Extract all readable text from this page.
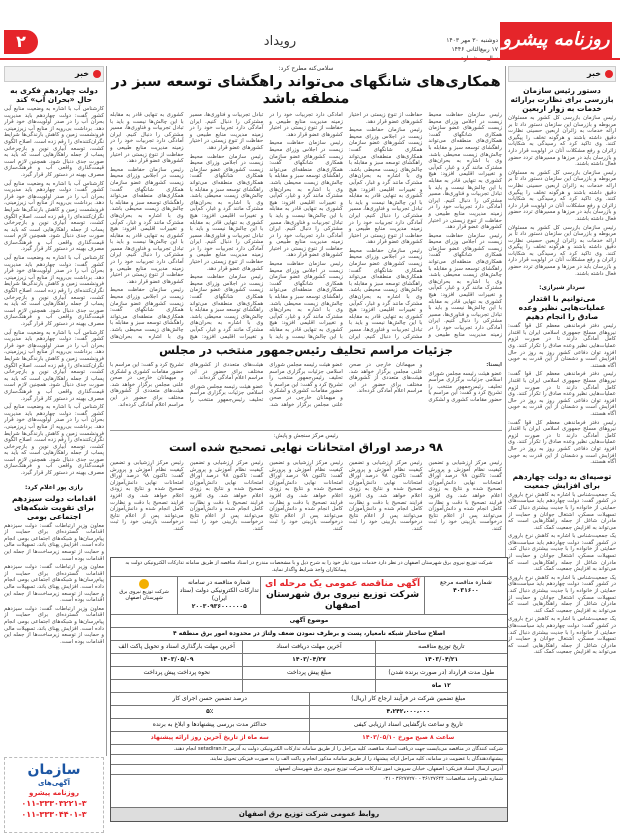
۲	رویداد	دوشنبه ۳۰ مهر ۱۴۰۳
۱۷ ربیع‌الثانی ۱۴۴۶ روزنامه پیشرو
خبر
دستور رئیس سازمان بازرسی برای نظارت برارائه خدمات به زوار اربعین

رئیس سازمان بازرسی کل کشور به مسئولان مربوطه و بازرسان این سازمان دستور داد تا بر ارائه خدمات به زائران اربعین حسینی نظارت دقیق داشته باشند و هرگونه تخلف را پیگیری کنند. وی تاکید کرد که رسیدگی به شکایات زائران و رفع مشکلات آنان در اولویت قرار دارد و بازرسان باید در مرزها و مسیرهای تردد حضور فعال داشته باشند.

رئیس سازمان بازرسی کل کشور به مسئولان مربوطه و بازرسان این سازمان دستور داد تا بر ارائه خدمات به زائران اربعین حسینی نظارت دقیق داشته باشند و هرگونه تخلف را پیگیری کنند. وی تاکید کرد که رسیدگی به شکایات زائران و رفع مشکلات آنان در اولویت قرار دارد و بازرسان باید در مرزها و مسیرهای تردد حضور فعال داشته باشند.

رئیس سازمان بازرسی کل کشور به مسئولان مربوطه و بازرسان این سازمان دستور داد تا بر ارائه خدمات به زائران اربعین حسینی نظارت دقیق داشته باشند و هرگونه تخلف را پیگیری کنند. وی تاکید کرد که رسیدگی به شکایات زائران و رفع مشکلات آنان در اولویت قرار دارد و بازرسان باید در مرزها و مسیرهای تردد حضور فعال داشته باشند.

سردار شیرازی:
می‌توانیم با اقتدار عملیات‌هایی نظیر وعده صادق را انجام دهیم

رئیس دفتر فرماندهی معظم کل قوا گفت: نیروهای مسلح جمهوری اسلامی ایران با اقتدار کامل آمادگی دارند تا در صورت لزوم عملیات‌هایی نظیر وعده صادق را تکرار کنند. وی افزود توان دفاعی کشور روز به روز در حال افزایش است و دشمنان از این قدرت به خوبی آگاه هستند.

رئیس دفتر فرماندهی معظم کل قوا گفت: نیروهای مسلح جمهوری اسلامی ایران با اقتدار کامل آمادگی دارند تا در صورت لزوم عملیات‌هایی نظیر وعده صادق را تکرار کنند. وی افزود توان دفاعی کشور روز به روز در حال افزایش است و دشمنان از این قدرت به خوبی آگاه هستند.

رئیس دفتر فرماندهی معظم کل قوا گفت: نیروهای مسلح جمهوری اسلامی ایران با اقتدار کامل آمادگی دارند تا در صورت لزوم عملیات‌هایی نظیر وعده صادق را تکرار کنند. وی افزود توان دفاعی کشور روز به روز در حال افزایش است و دشمنان از این قدرت به خوبی آگاه هستند.

توصیه‌ای به دولت چهاردهم برای افزایش جمعیت

یک جمعیت‌شناس با اشاره به کاهش نرخ باروری در کشور گفت: دولت چهاردهم باید سیاست‌های حمایتی از خانواده را با جدیت بیشتری دنبال کند. تسهیلات مسکن، اشتغال جوانان و حمایت از مادران شاغل از جمله راهکارهایی است که می‌تواند به افزایش جمعیت کمک کند.

یک جمعیت‌شناس با اشاره به کاهش نرخ باروری در کشور گفت: دولت چهاردهم باید سیاست‌های حمایتی از خانواده را با جدیت بیشتری دنبال کند. تسهیلات مسکن، اشتغال جوانان و حمایت از مادران شاغل از جمله راهکارهایی است که می‌تواند به افزایش جمعیت کمک کند.

یک جمعیت‌شناس با اشاره به کاهش نرخ باروری در کشور گفت: دولت چهاردهم باید سیاست‌های حمایتی از خانواده را با جدیت بیشتری دنبال کند. تسهیلات مسکن، اشتغال جوانان و حمایت از مادران شاغل از جمله راهکارهایی است که می‌تواند به افزایش جمعیت کمک کند.

یک جمعیت‌شناس با اشاره به کاهش نرخ باروری در کشور گفت: دولت چهاردهم باید سیاست‌های حمایتی از خانواده را با جدیت بیشتری دنبال کند. تسهیلات مسکن، اشتغال جوانان و حمایت از مادران شاغل از جمله راهکارهایی است که می‌تواند به افزایش جمعیت کمک کند.

سلامی‌کنه مطرح کرد:
همکاری‌های شانگهای می‌تواند راهگشای توسعه سبز در منطقه باشد

رئیس سازمان حفاظت محیط زیست در اجلاس وزرای محیط زیست کشورهای عضو سازمان همکاری شانگهای گفت: همکاری‌های منطقه‌ای می‌تواند راهگشای توسعه سبز و مقابله با چالش‌های زیست محیطی باشد. وی با اشاره به بحران‌های مشترک مانند گرد و غبار، کم‌آبی و تغییرات اقلیمی افزود: هیچ کشوری به تنهایی قادر به مقابله با این چالش‌ها نیست و باید با تبادل تجربیات و فناوری‌ها، مسیر مشترکی را دنبال کنیم. ایران آمادگی دارد تجربیات خود را در زمینه مدیریت منابع طبیعی و حفاظت از تنوع زیستی در اختیار کشورهای عضو قرار دهد.

رئیس سازمان حفاظت محیط زیست در اجلاس وزرای محیط زیست کشورهای عضو سازمان همکاری شانگهای گفت: همکاری‌های منطقه‌ای می‌تواند راهگشای توسعه سبز و مقابله با چالش‌های زیست محیطی باشد. وی با اشاره به بحران‌های مشترک مانند گرد و غبار، کم‌آبی و تغییرات اقلیمی افزود: هیچ کشوری به تنهایی قادر به مقابله با این چالش‌ها نیست و باید با تبادل تجربیات و فناوری‌ها، مسیر مشترکی را دنبال کنیم. ایران آمادگی دارد تجربیات خود را در زمینه مدیریت منابع طبیعی و حفاظت از تنوع زیستی در اختیار کشورهای عضو قرار دهد.

رئیس سازمان حفاظت محیط زیست در اجلاس وزرای محیط زیست کشورهای عضو سازمان همکاری شانگهای گفت: همکاری‌های منطقه‌ای می‌تواند راهگشای توسعه سبز و مقابله با چالش‌های زیست محیطی باشد. وی با اشاره به بحران‌های مشترک مانند گرد و غبار، کم‌آبی و تغییرات اقلیمی افزود: هیچ کشوری به تنهایی قادر به مقابله با این چالش‌ها نیست و باید با تبادل تجربیات و فناوری‌ها، مسیر مشترکی را دنبال کنیم. ایران آمادگی دارد تجربیات خود را در زمینه مدیریت منابع طبیعی و حفاظت از تنوع زیستی در اختیار کشورهای عضو قرار دهد.

رئیس سازمان حفاظت محیط زیست در اجلاس وزرای محیط زیست کشورهای عضو سازمان همکاری شانگهای گفت: همکاری‌های منطقه‌ای می‌تواند راهگشای توسعه سبز و مقابله با چالش‌های زیست محیطی باشد. وی با اشاره به بحران‌های مشترک مانند گرد و غبار، کم‌آبی و تغییرات اقلیمی افزود: هیچ کشوری به تنهایی قادر به مقابله با این چالش‌ها نیست و باید با تبادل تجربیات و فناوری‌ها، مسیر مشترکی را دنبال کنیم. ایران آمادگی دارد تجربیات خود را در زمینه مدیریت منابع طبیعی و حفاظت از تنوع زیستی در اختیار کشورهای عضو قرار دهد.

رئیس سازمان حفاظت محیط زیست در اجلاس وزرای محیط زیست کشورهای عضو سازمان همکاری شانگهای گفت: همکاری‌های منطقه‌ای می‌تواند راهگشای توسعه سبز و مقابله با چالش‌های زیست محیطی باشد. وی با اشاره به بحران‌های مشترک مانند گرد و غبار، کم‌آبی و تغییرات اقلیمی افزود: هیچ کشوری به تنهایی قادر به مقابله با این چالش‌ها نیست و باید با تبادل تجربیات و فناوری‌ها، مسیر مشترکی را دنبال کنیم. ایران آمادگی دارد تجربیات خود را در زمینه مدیریت منابع طبیعی و حفاظت از تنوع زیستی در اختیار کشورهای عضو قرار دهد.

رئیس سازمان حفاظت محیط زیست در اجلاس وزرای محیط زیست کشورهای عضو سازمان همکاری شانگهای گفت: همکاری‌های منطقه‌ای می‌تواند راهگشای توسعه سبز و مقابله با چالش‌های زیست محیطی باشد. وی با اشاره به بحران‌های مشترک مانند گرد و غبار، کم‌آبی و تغییرات اقلیمی افزود: هیچ کشوری به تنهایی قادر به مقابله با این چالش‌ها نیست و باید با تبادل تجربیات و فناوری‌ها، مسیر مشترکی را دنبال کنیم. ایران آمادگی دارد تجربیات خود را در زمینه مدیریت منابع طبیعی و حفاظت از تنوع زیستی در اختیار کشورهای عضو قرار دهد.

رئیس سازمان حفاظت محیط زیست در اجلاس وزرای محیط زیست کشورهای عضو سازمان همکاری شانگهای گفت: همکاری‌های منطقه‌ای می‌تواند راهگشای توسعه سبز و مقابله با چالش‌های زیست محیطی باشد. وی با اشاره به بحران‌های مشترک مانند گرد و غبار، کم‌آبی و تغییرات اقلیمی افزود: هیچ کشوری به تنهایی قادر به مقابله با این چالش‌ها نیست و باید با تبادل تجربیات و فناوری‌ها، مسیر مشترکی را دنبال کنیم. ایران آمادگی دارد تجربیات خود را در زمینه مدیریت منابع طبیعی و حفاظت از تنوع زیستی در اختیار کشورهای عضو قرار دهد.

رئیس سازمان حفاظت محیط زیست در اجلاس وزرای محیط زیست کشورهای عضو سازمان همکاری شانگهای گفت: همکاری‌های منطقه‌ای می‌تواند راهگشای توسعه سبز و مقابله با چالش‌های زیست محیطی باشد. وی با اشاره به بحران‌های مشترک مانند گرد و غبار، کم‌آبی و تغییرات اقلیمی افزود: هیچ کشوری به تنهایی قادر به مقابله با این چالش‌ها نیست و باید با تبادل تجربیات و فناوری‌ها، مسیر مشترکی را دنبال کنیم. ایران آمادگی دارد تجربیات خود را در زمینه مدیریت منابع طبیعی و حفاظت از تنوع زیستی در اختیار کشورهای عضو قرار دهد.

رئیس سازمان حفاظت محیط زیست در اجلاس وزرای محیط زیست کشورهای عضو سازمان همکاری شانگهای گفت: همکاری‌های منطقه‌ای می‌تواند راهگشای توسعه سبز و مقابله با چالش‌های زیست محیطی باشد. وی با اشاره به بحران‌های مشترک مانند گرد و غبار، کم‌آبی و تغییرات اقلیمی افزود: هیچ کشوری به تنهایی قادر به مقابله با این چالش‌ها نیست و باید با تبادل تجربیات و فناوری‌ها، مسیر مشترکی را دنبال کنیم. ایران آمادگی دارد تجربیات خود را در زمینه مدیریت منابع طبیعی و حفاظت از تنوع زیستی در اختیار کشورهای عضو قرار دهد.

رئیس سازمان حفاظت محیط زیست در اجلاس وزرای محیط زیست کشورهای عضو سازمان همکاری شانگهای گفت: همکاری‌های منطقه‌ای می‌تواند راهگشای توسعه سبز و مقابله با چالش‌های زیست محیطی باشد. وی با اشاره به بحران‌های

جزئیات مراسم تحلیف رئیس‌جمهور منتخب در مجلس

ایسنا:

عضو هیئت رئیسه مجلس شورای اسلامی جزئیات برگزاری مراسم تحلیف رئیس‌جمهور منتخب را تشریح کرد و گفت: این مراسم با حضور مقامات کشوری و لشکری و میهمانان خارجی در صحن علنی مجلس برگزار خواهد شد. هیئت‌های متعددی از کشورهای مختلف برای حضور در این مراسم اعلام آمادگی کرده‌اند.

عضو هیئت رئیسه مجلس شورای اسلامی جزئیات برگزاری مراسم تحلیف رئیس‌جمهور منتخب را تشریح کرد و گفت: این مراسم با حضور مقامات کشوری و لشکری و میهمانان خارجی در صحن علنی مجلس برگزار خواهد شد. هیئت‌های متعددی از کشورهای مختلف برای حضور در این مراسم اعلام آمادگی کرده‌اند.

عضو هیئت رئیسه مجلس شورای اسلامی جزئیات برگزاری مراسم تحلیف رئیس‌جمهور منتخب را تشریح کرد و گفت: این مراسم با حضور مقامات کشوری و لشکری و میهمانان خارجی در صحن علنی مجلس برگزار خواهد شد. هیئت‌های متعددی از کشورهای مختلف برای حضور در این مراسم اعلام آمادگی کرده‌اند.

رئیس مرکز سنجش و پایش:
۹۸ درصد اوراق امتحانات نهایی تصحیح شده است

رئیس مرکز ارزشیابی و تضمین کیفیت نظام آموزش و پرورش گفت: تاکنون ۹۸ درصد اوراق امتحانات نهایی دانش‌آموزان تصحیح شده و نتایج به زودی اعلام خواهد شد. وی افزود فرایند تصحیح با دقت و نظارت کامل انجام شده و دانش‌آموزان می‌توانند پس از اعلام نتایج درخواست بازبینی خود را ثبت کنند.

رئیس مرکز ارزشیابی و تضمین کیفیت نظام آموزش و پرورش گفت: تاکنون ۹۸ درصد اوراق امتحانات نهایی دانش‌آموزان تصحیح شده و نتایج به زودی اعلام خواهد شد. وی افزود فرایند تصحیح با دقت و نظارت کامل انجام شده و دانش‌آموزان می‌توانند پس از اعلام نتایج درخواست بازبینی خود را ثبت کنند.

رئیس مرکز ارزشیابی و تضمین کیفیت نظام آموزش و پرورش گفت: تاکنون ۹۸ درصد اوراق امتحانات نهایی دانش‌آموزان تصحیح شده و نتایج به زودی اعلام خواهد شد. وی افزود فرایند تصحیح با دقت و نظارت کامل انجام شده و دانش‌آموزان می‌توانند پس از اعلام نتایج درخواست بازبینی خود را ثبت کنند.

رئیس مرکز ارزشیابی و تضمین کیفیت نظام آموزش و پرورش گفت: تاکنون ۹۸ درصد اوراق امتحانات نهایی دانش‌آموزان تصحیح شده و نتایج به زودی اعلام خواهد شد. وی افزود فرایند تصحیح با دقت و نظارت کامل انجام شده و دانش‌آموزان می‌توانند پس از اعلام نتایج درخواست بازبینی خود را ثبت کنند.

رئیس مرکز ارزشیابی و تضمین کیفیت نظام آموزش و پرورش گفت: تاکنون ۹۸ درصد اوراق امتحانات نهایی دانش‌آموزان تصحیح شده و نتایج به زودی اعلام خواهد شد. وی افزود فرایند تصحیح با دقت و نظارت کامل انجام شده و دانش‌آموزان می‌توانند پس از اعلام نتایج درخواست بازبینی خود را ثبت کنند.

خبر
دولت چهاردهم فکری به حال «بحران آب» کند

کارشناس آب با اشاره به وضعیت منابع آبی کشور گفت: دولت چهاردهم باید مدیریت بحران آب را در صدر اولویت‌های خود قرار دهد. برداشت بی‌رویه از منابع آب زیرزمینی، فرونشست زمین و کاهش بارندگی‌ها شرایط نگران‌کننده‌ای را رقم زده است. اصلاح الگوی کشت، توسعه آبیاری نوین و بازچرخانی پساب از جمله راهکارهایی است که باید به صورت جدی دنبال شود. همچنین لازم است قیمت‌گذاری واقعی آب و فرهنگ‌سازی مصرف بهینه در دستور کار قرار گیرد.

کارشناس آب با اشاره به وضعیت منابع آبی کشور گفت: دولت چهاردهم باید مدیریت بحران آب را در صدر اولویت‌های خود قرار دهد. برداشت بی‌رویه از منابع آب زیرزمینی، فرونشست زمین و کاهش بارندگی‌ها شرایط نگران‌کننده‌ای را رقم زده است. اصلاح الگوی کشت، توسعه آبیاری نوین و بازچرخانی پساب از جمله راهکارهایی است که باید به صورت جدی دنبال شود. همچنین لازم است قیمت‌گذاری واقعی آب و فرهنگ‌سازی مصرف بهینه در دستور کار قرار گیرد.

کارشناس آب با اشاره به وضعیت منابع آبی کشور گفت: دولت چهاردهم باید مدیریت بحران آب را در صدر اولویت‌های خود قرار دهد. برداشت بی‌رویه از منابع آب زیرزمینی، فرونشست زمین و کاهش بارندگی‌ها شرایط نگران‌کننده‌ای را رقم زده است. اصلاح الگوی کشت، توسعه آبیاری نوین و بازچرخانی پساب از جمله راهکارهایی است که باید به صورت جدی دنبال شود. همچنین لازم است قیمت‌گذاری واقعی آب و فرهنگ‌سازی مصرف بهینه در دستور کار قرار گیرد.

کارشناس آب با اشاره به وضعیت منابع آبی کشور گفت: دولت چهاردهم باید مدیریت بحران آب را در صدر اولویت‌های خود قرار دهد. برداشت بی‌رویه از منابع آب زیرزمینی، فرونشست زمین و کاهش بارندگی‌ها شرایط نگران‌کننده‌ای را رقم زده است. اصلاح الگوی کشت، توسعه آبیاری نوین و بازچرخانی پساب از جمله راهکارهایی است که باید به صورت جدی دنبال شود. همچنین لازم است قیمت‌گذاری واقعی آب و فرهنگ‌سازی مصرف بهینه در دستور کار قرار گیرد.

کارشناس آب با اشاره به وضعیت منابع آبی کشور گفت: دولت چهاردهم باید مدیریت بحران آب را در صدر اولویت‌های خود قرار دهد. برداشت بی‌رویه از منابع آب زیرزمینی، فرونشست زمین و کاهش بارندگی‌ها شرایط نگران‌کننده‌ای را رقم زده است. اصلاح الگوی کشت، توسعه آبیاری نوین و بازچرخانی پساب از جمله راهکارهایی است که باید به صورت جدی دنبال شود. همچنین لازم است قیمت‌گذاری واقعی آب و فرهنگ‌سازی مصرف بهینه در دستور کار قرار گیرد.

رازی پور اعلام کرد:
اقدامات دولت سیزدهم برای تقویت شبکه‌های اجتماعی بومی

معاون وزیر ارتباطات گفت: دولت سیزدهم اقدامات گسترده‌ای برای حمایت از پیام‌رسان‌ها و شبکه‌های اجتماعی بومی انجام داده است. افزایش پهنای باند، تسهیلات مالی و حمایت از توسعه زیرساخت‌ها از جمله این اقدامات بوده است.

معاون وزیر ارتباطات گفت: دولت سیزدهم اقدامات گسترده‌ای برای حمایت از پیام‌رسان‌ها و شبکه‌های اجتماعی بومی انجام داده است. افزایش پهنای باند، تسهیلات مالی و حمایت از توسعه زیرساخت‌ها از جمله این اقدامات بوده است.

معاون وزیر ارتباطات گفت: دولت سیزدهم اقدامات گسترده‌ای برای حمایت از پیام‌رسان‌ها و شبکه‌های اجتماعی بومی انجام داده است. افزایش پهنای باند، تسهیلات مالی و حمایت از توسعه زیرساخت‌ها از جمله این اقدامات بوده است.

سازمان
آگهی‌های
روزنامه پیشرو
۰۱۱-۳۳۳۰۳۲۲۱-۳
۰۱۱-۳۳۳۰۴۴۰۱-۳
شرکت توزیع نیروی برق شهرستان اصفهان در نظر دارد خدمات مورد نیاز خود را به شرح ذیل و با مشخصات مندرج در اسناد مناقصه از طریق سامانه تدارکات الکترونیکی دولت به پیمانکاران واجد شرایط واگذار نماید.
شماره مناقصه مرجع
۴۰۳۱۶۰۰
آگهی مناقصه عمومی یک مرحله ای
شرکت توزیع نیروی برق شهرستان اصفهان
شماره مناقصه در سامانه تدارکات الکترونیکی دولت (ستاد ایران)
۲۰۰۳۰۹۳۶۰۰۰۰۰۰۵
شرکت توزیع نیروی برق شهرستان اصفهان
موضوع آگهی
اصلاح ساختار شبکه نامعیار، پست و برطرف نمودن ضعف ولتاژ در محدوده امور برق منطقه ۴
تاریخ توزیع مناقصه
آخرین مهلت دریافت اسناد
آخرین مهلت بارگذاری اسناد و تحویل پاکت الف
۱۴۰۳/۰۴/۲۱
۱۴۰۳/۰۴/۲۷
۱۴۰۳/۰۵/۰۹
طول مدت قرارداد (در صورت برنده شدن)
مبلغ پیش پرداخت
نحوه پرداخت پیش پرداخت
۱۲ ماه
مبلغ تضمین شرکت در فرآیند ارجاع کار (ریال)
درصد تضمین حسن اجرای کار
۴،۲۴۲،۰۰۰،۰۰۰
۵٪
تاریخ و ساعت بازگشایی اسناد ارزیابی کیفی
حداکثر مدت بررسی پیشنهادها و ابلاغ به برنده
ساعت ۸ صبح مورخ ۱۴۰۳/۰۵/۱۰
سه ماه از تاریخ آخرین روز ارائه پیشنهاد
شرکت کنندگان در مناقصه می‌بایست جهت دریافت اسناد مناقصه، کلیه مراحل را از طریق سامانه تدارکات الکترونیکی دولت به آدرس setadiran.ir انجام دهند.
پیشنهاددهندگان با عضویت در سامانه، کلیه مراحل ارائه پیشنهاد را از طریق سامانه مذکور انجام و پاکت الف را به صورت فیزیکی تحویل نمایند.
آدرس ارسال اسناد فیزیکی: اصفهان، خیابان سروش، امور تدارکات شرکت توزیع نیروی برق شهرستان اصفهان
شماره تلفن واحد مناقصات: ۳۶۱۲۷۶۴۴ - ۳۶۲۷۷۲۷۰ - ۰۳۱
روابط عمومی شرکت توزیع برق اصفهان
